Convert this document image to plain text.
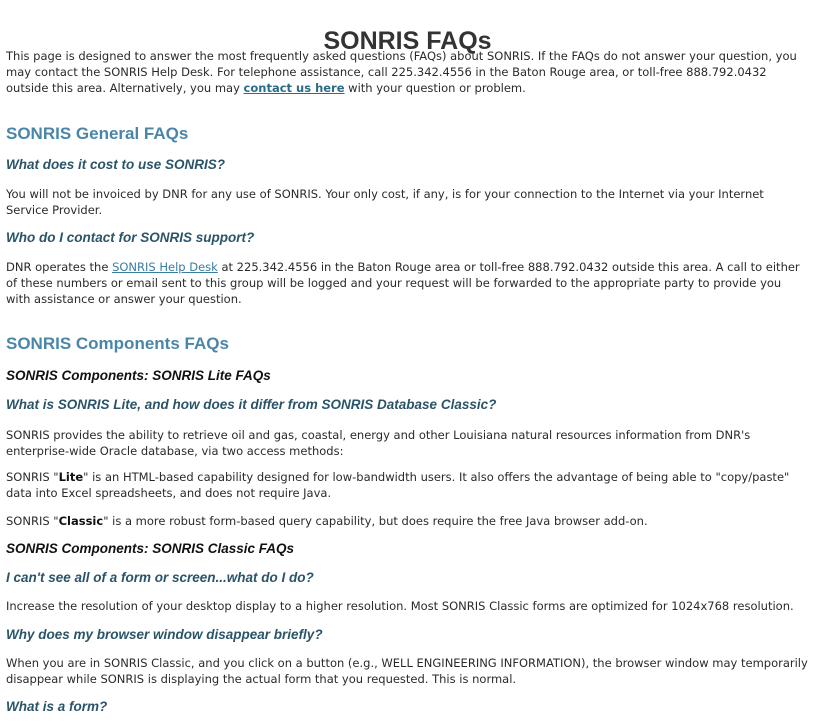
SONRIS FAQs

This page is designed to answer the most frequently asked questions (FAQs) about SONRIS. If the FAQs do not answer your question, you may contact the SONRIS Help Desk. For telephone assistance, call 225.342.4556 in the Baton Rouge area, or toll-free 888.792.0432 outside this area. Alternatively, you may contact us here with your question or problem.

SONRIS General FAQs
What does it cost to use SONRIS?

You will not be invoiced by DNR for any use of SONRIS. Your only cost, if any, is for your connection to the Internet via your Internet Service Provider.

Who do I contact for SONRIS support?

DNR operates the SONRIS Help Desk at 225.342.4556 in the Baton Rouge area or toll-free 888.792.0432 outside this area. A call to either of these numbers or email sent to this group will be logged and your request will be forwarded to the appropriate party to provide you with assistance or answer your question.

SONRIS Components FAQs
SONRIS Components: SONRIS Lite FAQs
What is SONRIS Lite, and how does it differ from SONRIS Database Classic?

SONRIS provides the ability to retrieve oil and gas, coastal, energy and other Louisiana natural resources information from DNR's enterprise-wide Oracle database, via two access methods:

SONRIS "Lite" is an HTML-based capability designed for low-bandwidth users. It also offers the advantage of being able to "copy/paste" data into Excel spreadsheets, and does not require Java.

SONRIS "Classic" is a more robust form-based query capability, but does require the free Java browser add-on.

SONRIS Components: SONRIS Classic FAQs
I can't see all of a form or screen...what do I do?

Increase the resolution of your desktop display to a higher resolution. Most SONRIS Classic forms are optimized for 1024x768 resolution.

Why does my browser window disappear briefly?

When you are in SONRIS Classic, and you click on a button (e.g., WELL ENGINEERING INFORMATION), the browser window may temporarily disappear while SONRIS is displaying the actual form that you requested. This is normal.

What is a form?
